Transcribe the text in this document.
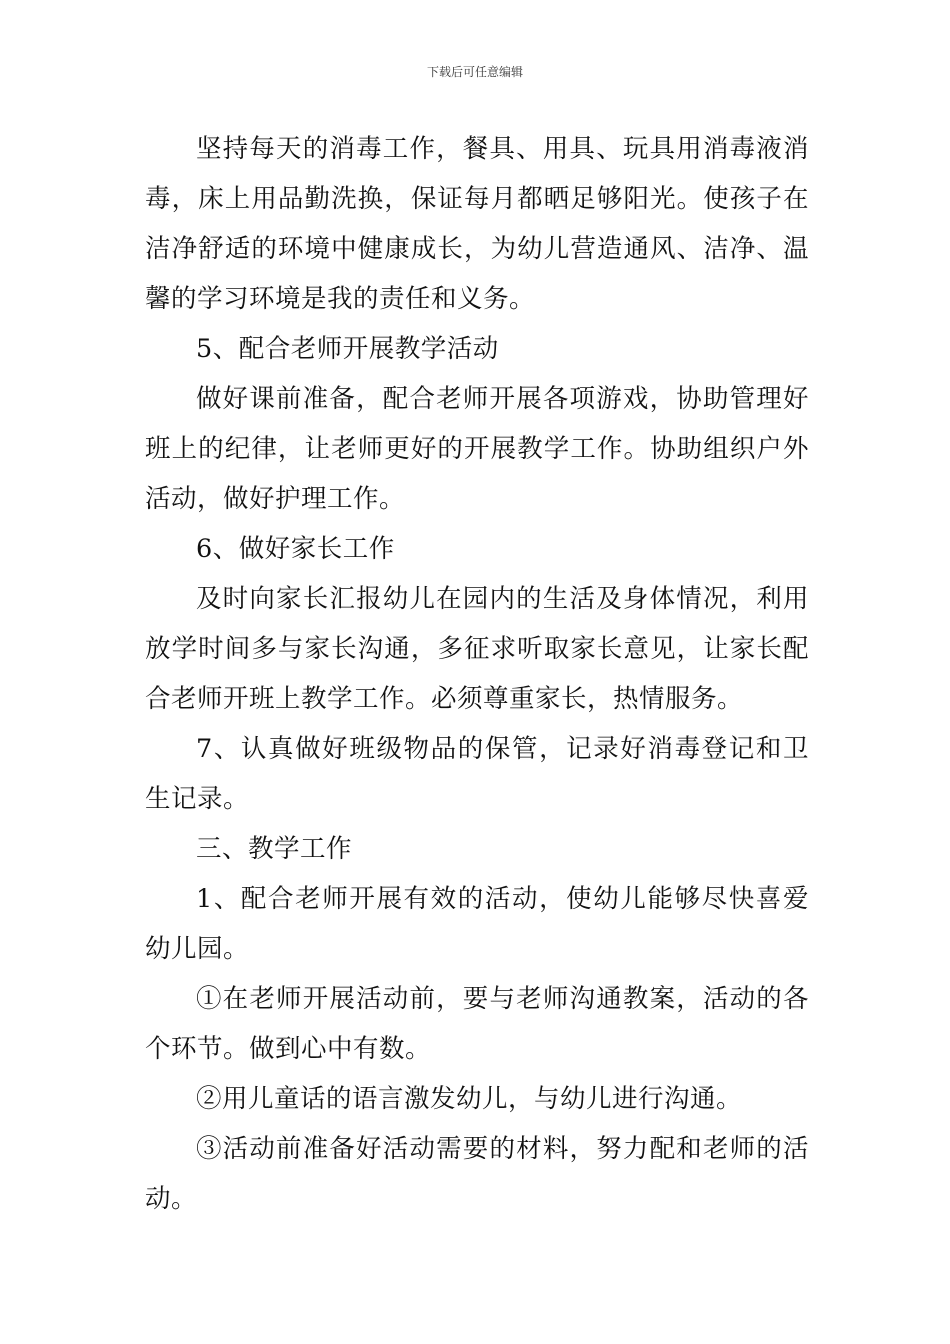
下载后可任意编辑

坚持每天的消毒工作，餐具、用具、玩具用消毒液消毒，床上用品勤洗换，保证每月都晒足够阳光。使孩子在洁净舒适的环境中健康成长，为幼儿营造通风、洁净、温馨的学习环境是我的责任和义务。

5、配合老师开展教学活动

做好课前准备，配合老师开展各项游戏，协助管理好班上的纪律，让老师更好的开展教学工作。协助组织户外活动，做好护理工作。

6、做好家长工作

及时向家长汇报幼儿在园内的生活及身体情况，利用放学时间多与家长沟通，多征求听取家长意见，让家长配合老师开班上教学工作。必须尊重家长，热情服务。

7、认真做好班级物品的保管，记录好消毒登记和卫生记录。

三、教学工作

1、配合老师开展有效的活动，使幼儿能够尽快喜爱幼儿园。

①在老师开展活动前，要与老师沟通教案，活动的各个环节。做到心中有数。

②用儿童话的语言激发幼儿，与幼儿进行沟通。

③活动前准备好活动需要的材料，努力配和老师的活动。
